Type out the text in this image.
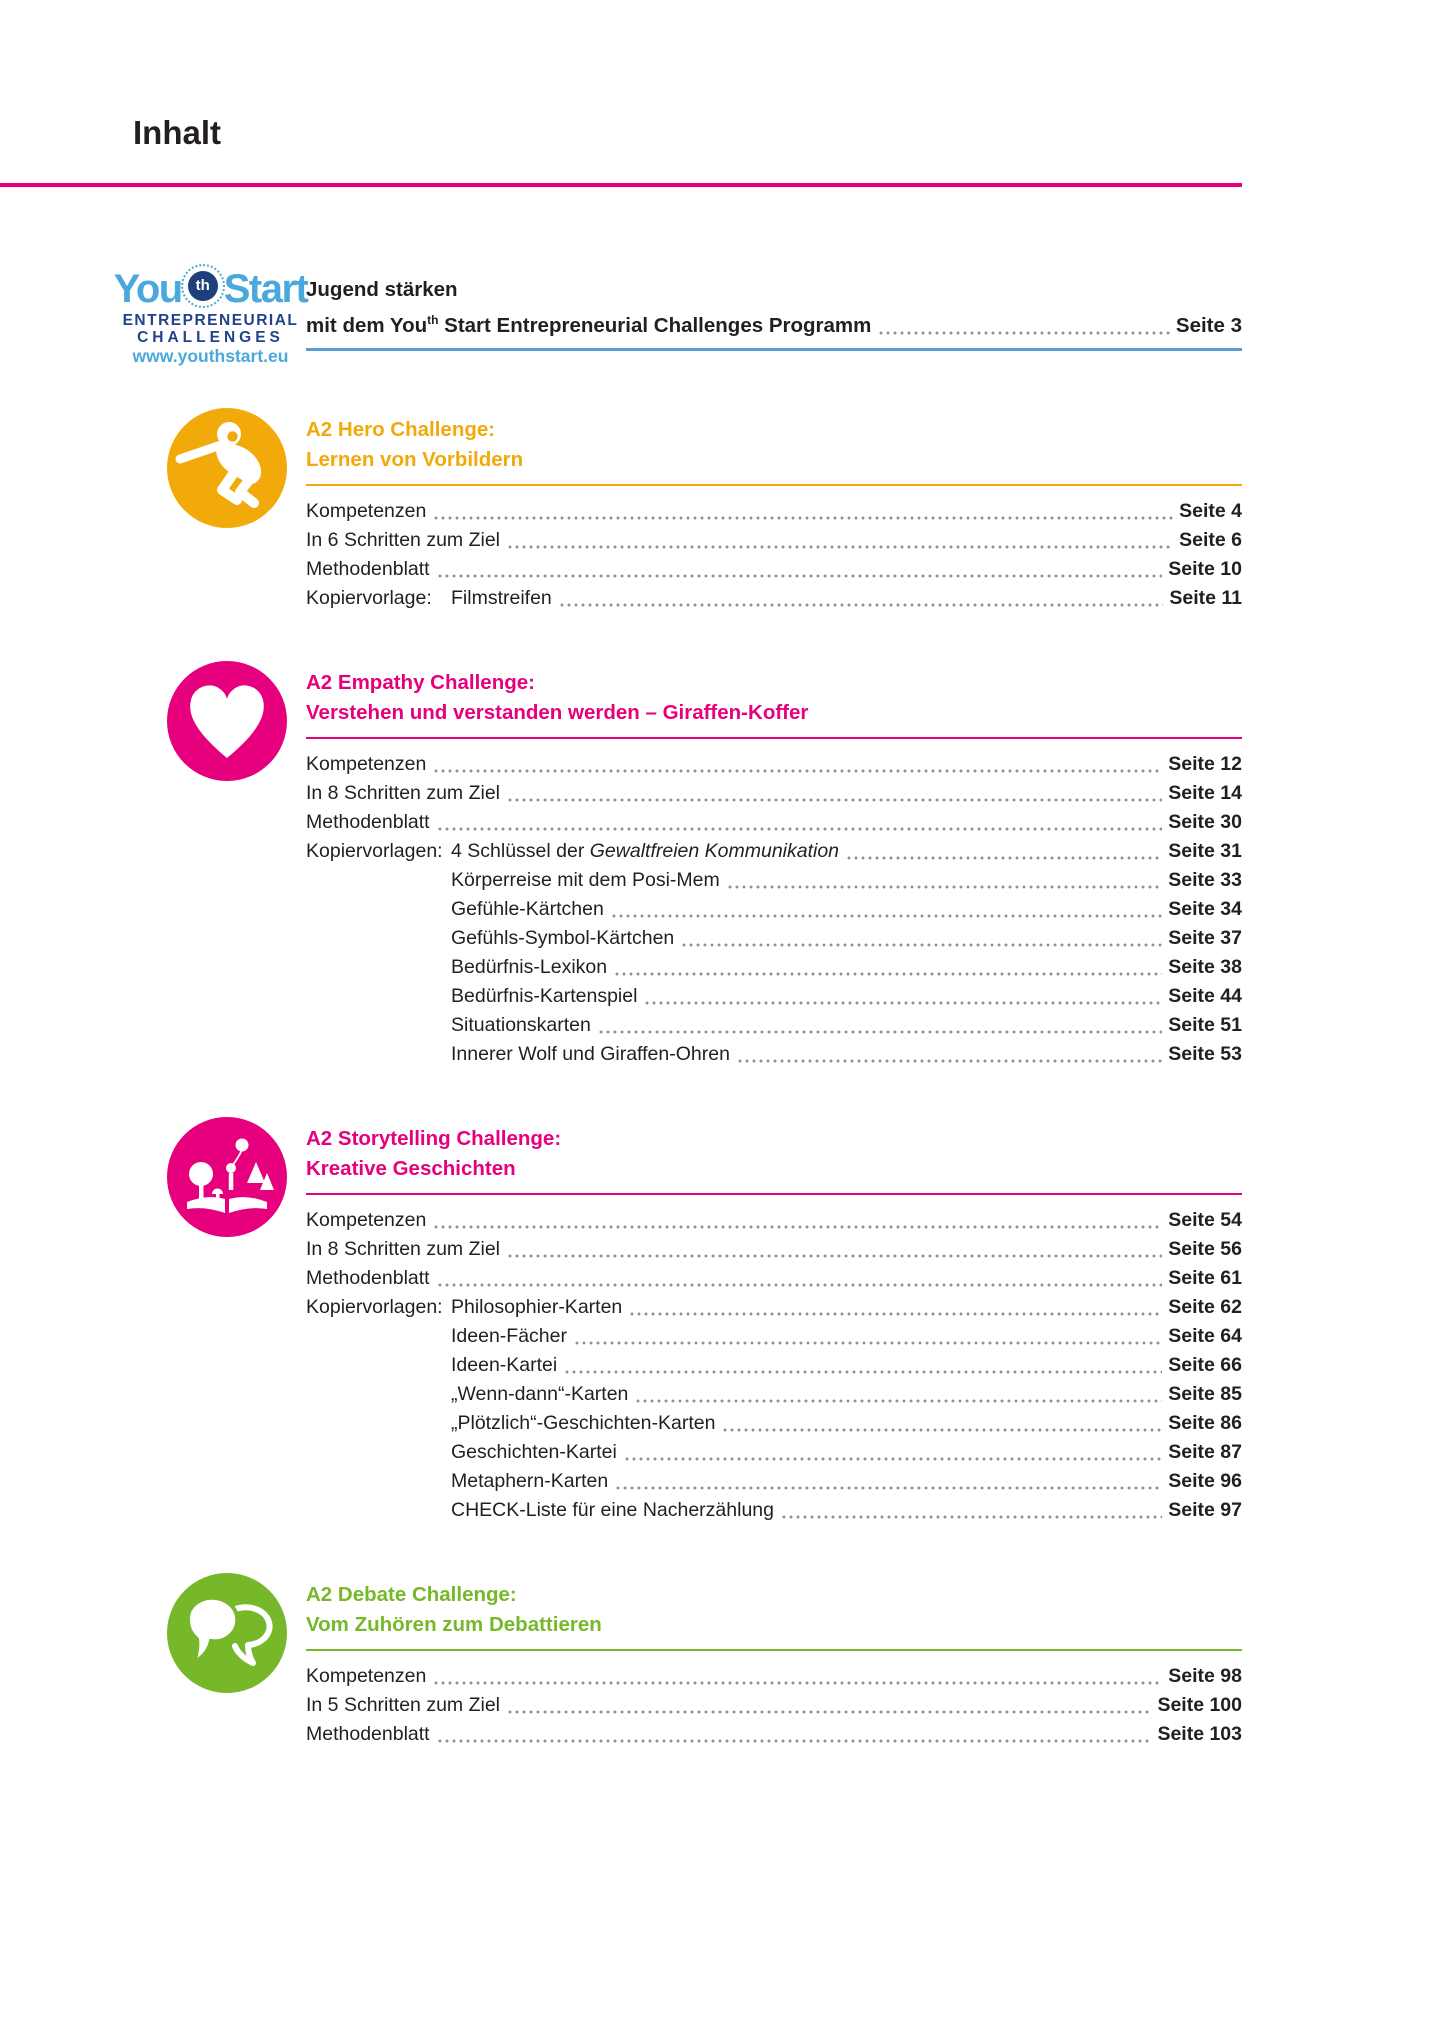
Inhalt
You th Start
ENTREPRENEURIAL
CHALLENGES
www.youthstart.eu
Jugend stärken
mit dem You$^{th}$ Start Entrepreneurial Challenges Programm	Seite 3
A2 Hero Challenge:
Lernen von Vorbildern
Kompetenzen	Seite 4
In 6 Schritten zum Ziel	Seite 6
Methodenblatt	Seite 10
Kopiervorlage: Filmstreifen	Seite 11
A2 Empathy Challenge:
Verstehen und verstanden werden – Giraffen-Koffer
Kompetenzen	Seite 12
In 8 Schritten zum Ziel	Seite 14
Methodenblatt	Seite 30
Kopiervorlagen: 4 Schlüssel der Gewaltfreien Kommunikation	Seite 31
Körperreise mit dem Posi-Mem	Seite 33
Gefühle-Kärtchen	Seite 34
Gefühls-Symbol-Kärtchen	Seite 37
Bedürfnis-Lexikon	Seite 38
Bedürfnis-Kartenspiel	Seite 44
Situationskarten	Seite 51
Innerer Wolf und Giraffen-Ohren	Seite 53
A2 Storytelling Challenge:
Kreative Geschichten
Kompetenzen	Seite 54
In 8 Schritten zum Ziel	Seite 56
Methodenblatt	Seite 61
Kopiervorlagen: Philosophier-Karten	Seite 62
Ideen-Fächer	Seite 64
Ideen-Kartei	Seite 66
„Wenn-dann“-Karten	Seite 85
„Plötzlich“-Geschichten-Karten	Seite 86
Geschichten-Kartei	Seite 87
Metaphern-Karten	Seite 96
CHECK-Liste für eine Nacherzählung	Seite 97
A2 Debate Challenge:
Vom Zuhören zum Debattieren
Kompetenzen	Seite 98
In 5 Schritten zum Ziel	Seite 100
Methodenblatt	Seite 103
